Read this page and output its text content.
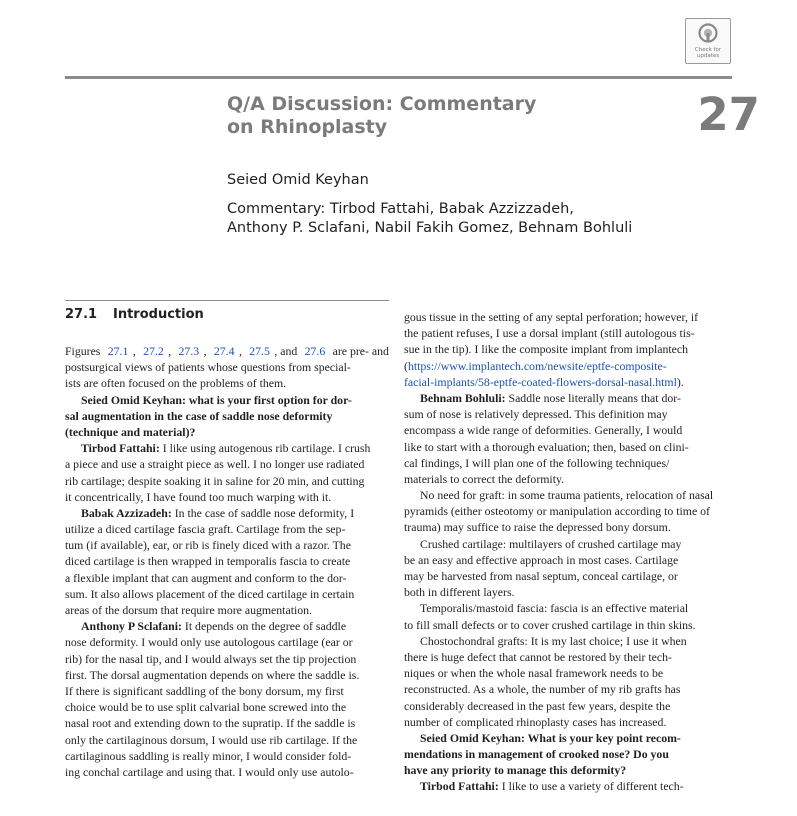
Check for
updates
Q/A Discussion: Commentary
on Rhinoplasty	27
Seied Omid Keyhan
Commentary: Tirbod Fattahi, Babak Azzizzadeh,
Anthony P. Sclafani, Nabil Fakih Gomez, Behnam Bohluli
27.1 Introduction
Figures 27.1 , 27.2 , 27.3 , 27.4 , 27.5 , and 27.6 are pre- and
postsurgical views of patients whose questions from special-
ists are often focused on the problems of them.
Seied Omid Keyhan: what is your first option for dor-
sal augmentation in the case of saddle nose deformity
(technique and material)?
Tirbod Fattahi: I like using autogenous rib cartilage. I crush
a piece and use a straight piece as well. I no longer use radiated
rib cartilage; despite soaking it in saline for 20 min, and cutting
it concentrically, I have found too much warping with it.
Babak Azzizadeh: In the case of saddle nose deformity, I
utilize a diced cartilage fascia graft. Cartilage from the sep-
tum (if available), ear, or rib is finely diced with a razor. The
diced cartilage is then wrapped in temporalis fascia to create
a flexible implant that can augment and conform to the dor-
sum. It also allows placement of the diced cartilage in certain
areas of the dorsum that require more augmentation.
Anthony P Sclafani: It depends on the degree of saddle
nose deformity. I would only use autologous cartilage (ear or
rib) for the nasal tip, and I would always set the tip projection
first. The dorsal augmentation depends on where the saddle is.
If there is significant saddling of the bony dorsum, my first
choice would be to use split calvarial bone screwed into the
nasal root and extending down to the supratip. If the saddle is
only the cartilaginous dorsum, I would use rib cartilage. If the
cartilaginous saddling is really minor, I would consider fold-
ing conchal cartilage and using that. I would only use autolo-
gous tissue in the setting of any septal perforation; however, if
the patient refuses, I use a dorsal implant (still autologous tis-
sue in the tip). I like the composite implant from implantech
( https://www.implantech.com/newsite/eptfe-composite-
facial-implants/58-eptfe-coated-flowers-dorsal-nasal.html ).
Behnam Bohluli: Saddle nose literally means that dor-
sum of nose is relatively depressed. This definition may
encompass a wide range of deformities. Generally, I would
like to start with a thorough evaluation; then, based on clini-
cal findings, I will plan one of the following techniques/
materials to correct the deformity.
No need for graft: in some trauma patients, relocation of nasal
pyramids (either osteotomy or manipulation according to time of
trauma) may suffice to raise the depressed bony dorsum.
Crushed cartilage: multilayers of crushed cartilage may
be an easy and effective approach in most cases. Cartilage
may be harvested from nasal septum, conceal cartilage, or
both in different layers.
Temporalis/mastoid fascia: fascia is an effective material
to fill small defects or to cover crushed cartilage in thin skins.
Chostochondral grafts: It is my last choice; I use it when
there is huge defect that cannot be restored by their tech-
niques or when the whole nasal framework needs to be
reconstructed. As a whole, the number of my rib grafts has
considerably decreased in the past few years, despite the
number of complicated rhinoplasty cases has increased.
Seied Omid Keyhan: What is your key point recom-
mendations in management of crooked nose? Do you
have any priority to manage this deformity?
Tirbod Fattahi: I like to use a variety of different tech-
